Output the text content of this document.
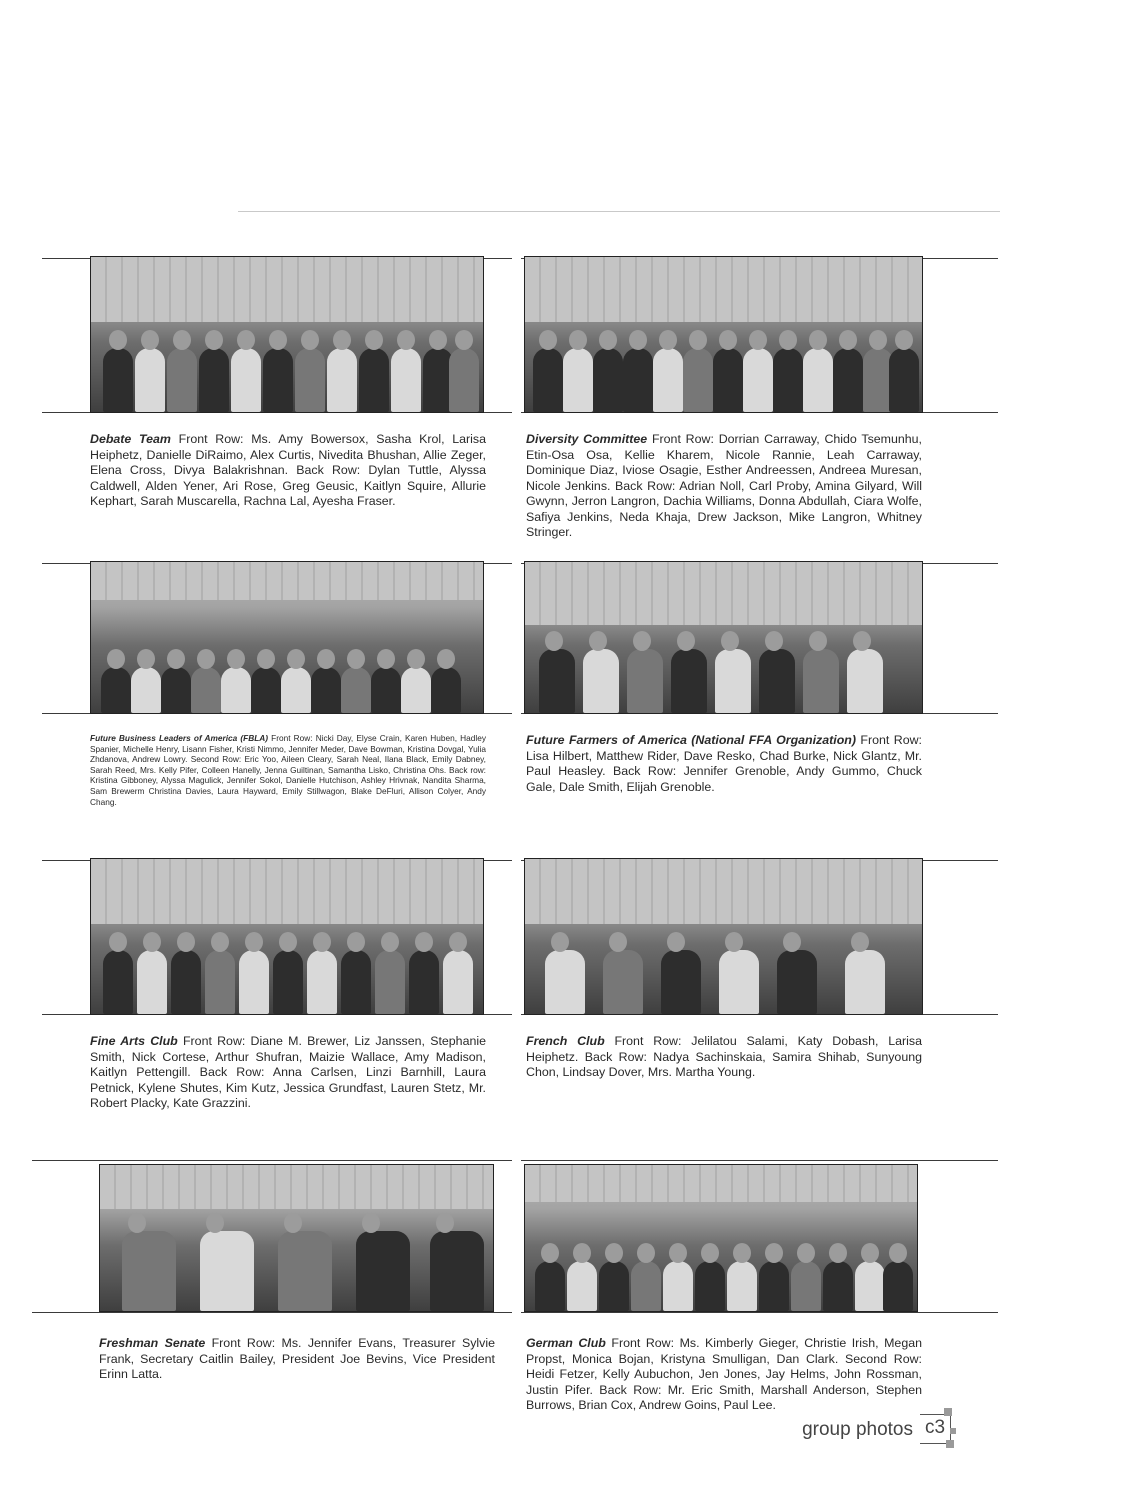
Debate Team Front Row: Ms. Amy Bowersox, Sasha Krol, Larisa Heiphetz, Danielle DiRaimo, Alex Curtis, Nivedita Bhushan, Allie Zeger, Elena Cross, Divya Balakrishnan. Back Row: Dylan Tuttle, Alyssa Caldwell, Alden Yener, Ari Rose, Greg Geusic, Kaitlyn Squire, Allurie Kephart, Sarah Muscarella, Rachna Lal, Ayesha Fraser.

Diversity Committee Front Row: Dorrian Carraway, Chido Tsemunhu, Etin-Osa Osa, Kellie Kharem, Nicole Rannie, Leah Carraway, Dominique Diaz, Iviose Osagie, Esther Andreessen, Andreea Muresan, Nicole Jenkins. Back Row: Adrian Noll, Carl Proby, Amina Gilyard, Will Gwynn, Jerron Langron, Dachia Williams, Donna Abdullah, Ciara Wolfe, Safiya Jenkins, Neda Khaja, Drew Jackson, Mike Langron, Whitney Stringer.

Future Business Leaders of America (FBLA) Front Row: Nicki Day, Elyse Crain, Karen Huben, Hadley Spanier, Michelle Henry, Lisann Fisher, Kristi Nimmo, Jennifer Meder, Dave Bowman, Kristina Dovgal, Yulia Zhdanova, Andrew Lowry. Second Row: Eric Yoo, Aileen Cleary, Sarah Neal, Ilana Black, Emily Dabney, Sarah Reed, Mrs. Kelly Pifer, Colleen Hanelly, Jenna Guiltinan, Samantha Lisko, Christina Ohs. Back row: Kristina Gibboney, Alyssa Magulick, Jennifer Sokol, Danielle Hutchison, Ashley Hrivnak, Nandita Sharma, Sam Brewerm Christina Davies, Laura Hayward, Emily Stillwagon, Blake DeFluri, Allison Colyer, Andy Chang.

Future Farmers of America (National FFA Organization) Front Row: Lisa Hilbert, Matthew Rider, Dave Resko, Chad Burke, Nick Glantz, Mr. Paul Heasley. Back Row: Jennifer Grenoble, Andy Gummo, Chuck Gale, Dale Smith, Elijah Grenoble.

Fine Arts Club Front Row: Diane M. Brewer, Liz Janssen, Stephanie Smith, Nick Cortese, Arthur Shufran, Maizie Wallace, Amy Madison, Kaitlyn Pettengill. Back Row: Anna Carlsen, Linzi Barnhill, Laura Petnick, Kylene Shutes, Kim Kutz, Jessica Grundfast, Lauren Stetz, Mr. Robert Placky, Kate Grazzini.

French Club Front Row: Jelilatou Salami, Katy Dobash, Larisa Heiphetz. Back Row: Nadya Sachinskaia, Samira Shihab, Sunyoung Chon, Lindsay Dover, Mrs. Martha Young.

Freshman Senate Front Row: Ms. Jennifer Evans, Treasurer Sylvie Frank, Secretary Caitlin Bailey, President Joe Bevins, Vice President Erinn Latta.

German Club Front Row: Ms. Kimberly Gieger, Christie Irish, Megan Propst, Monica Bojan, Kristyna Smulligan, Dan Clark. Second Row: Heidi Fetzer, Kelly Aubuchon, Jen Jones, Jay Helms, John Rossman, Justin Pifer. Back Row: Mr. Eric Smith, Marshall Anderson, Stephen Burrows, Brian Cox, Andrew Goins, Paul Lee.

group photos c3
